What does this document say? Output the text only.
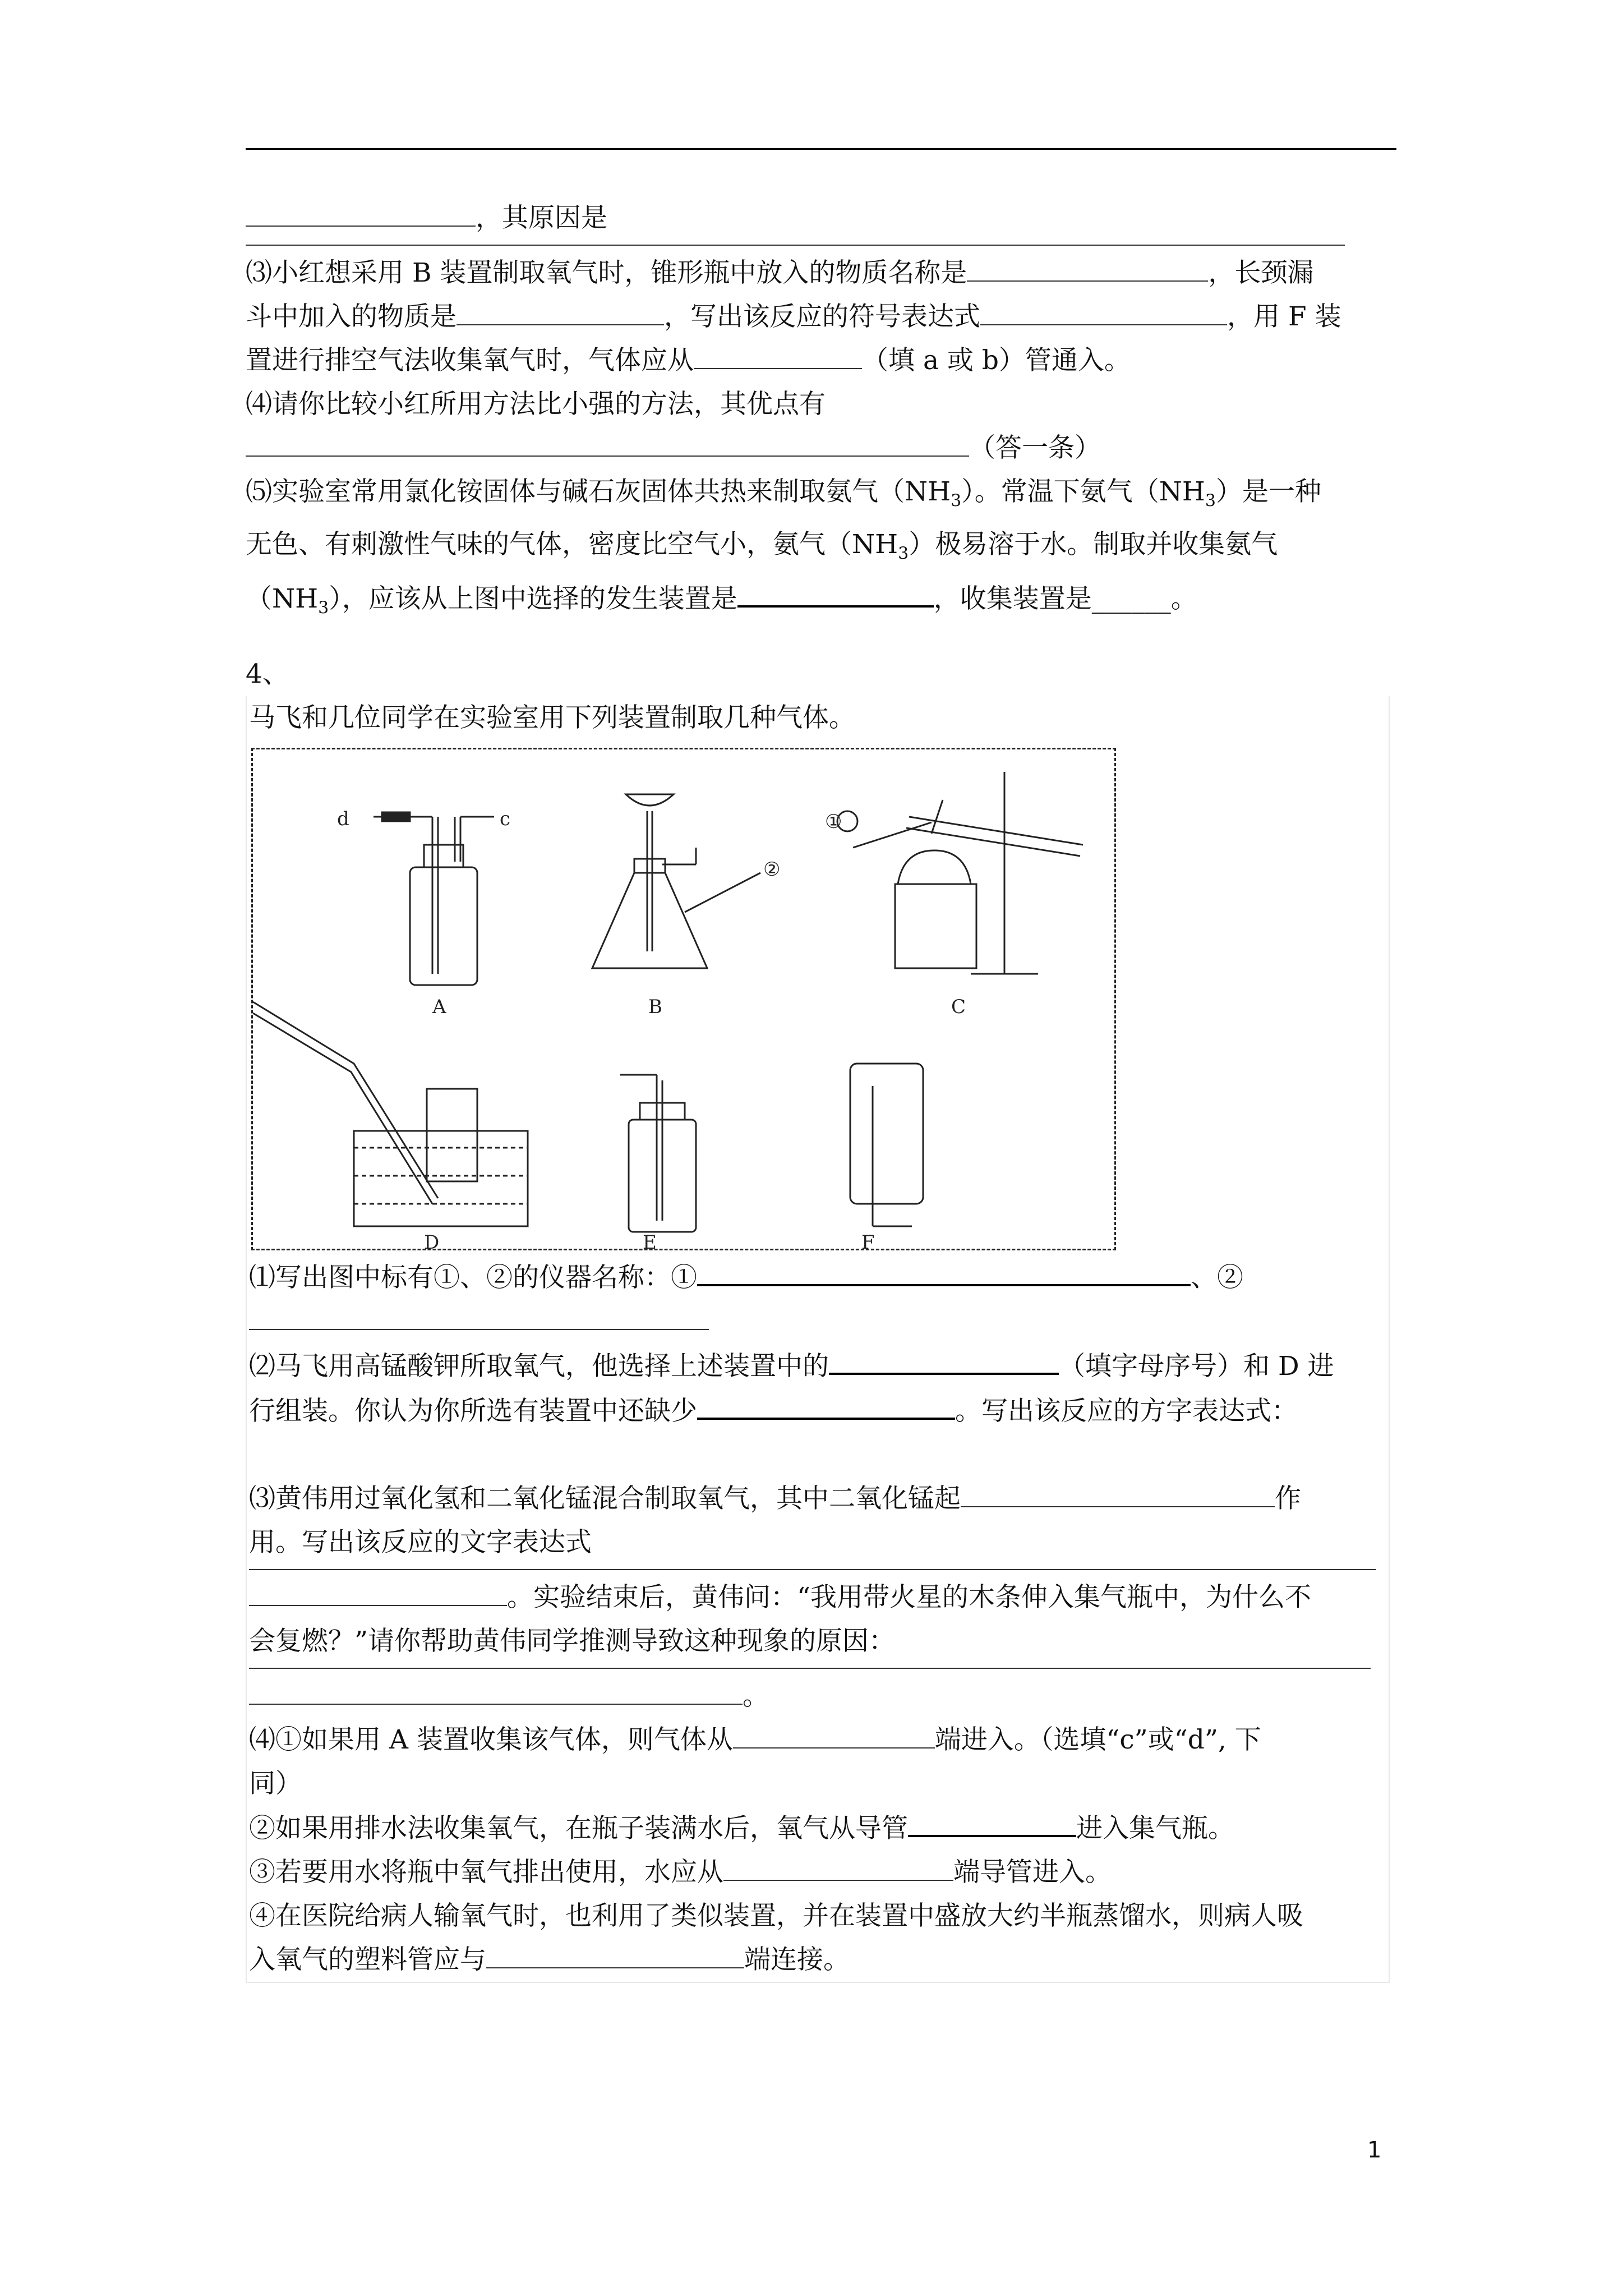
，其原因是
⑶小红想采用 B 装置制取氧气时，锥形瓶中放入的物质名称是	，长颈漏
斗中加入的物质是	，写出该反应的符号表达式	，用 F 装
置进行排空气法收集氧气时，气体应从	（填 a 或 b）管通入。
⑷请你比较小红所用方法比小强的方法，其优点有
（答一条）
⑸实验室常用氯化铵固体与碱石灰固体共热来制取氨气$(NH_3)$。常温下氨气$(NH_3)$是一种
无色、有刺激性气味的气体，密度比空气小，氨气$(NH_3)$极易溶于水。制取并收集氨气
$(NH_3)$，应该从上图中选择的发生装置是	，收集装置是______。
4、
马飞和几位同学在实验室用下列装置制取几种气体。
A	B	C
D	E	F
d	c	①
②
⑴写出图中标有①、②的仪器名称：①	、②
⑵马飞用高锰酸钾所取氧气，他选择上述装置中的	（填字母序号）和 D 进
行组装。你认为你所选有装置中还缺少	。写出该反应的方字表达式：
⑶黄伟用过氧化氢和二氧化锰混合制取氧气，其中二氧化锰起	作
用。写出该反应的文字表达式
。实验结束后，黄伟问：“我用带火星的木条伸入集气瓶中，为什么不
会复燃？”请你帮助黄伟同学推测导致这种现象的原因：
。
⑷①如果用 A 装置收集该气体，则气体从	端进入。（选填“c”或“d”, 下
同）
②如果用排水法收集氧气，在瓶子装满水后，氧气从导管	进入集气瓶。
③若要用水将瓶中氧气排出使用，水应从	端导管进入。
④在医院给病人输氧气时，也利用了类似装置，并在装置中盛放大约半瓶蒸馏水，则病人吸
入氧气的塑料管应与	端连接。
1
